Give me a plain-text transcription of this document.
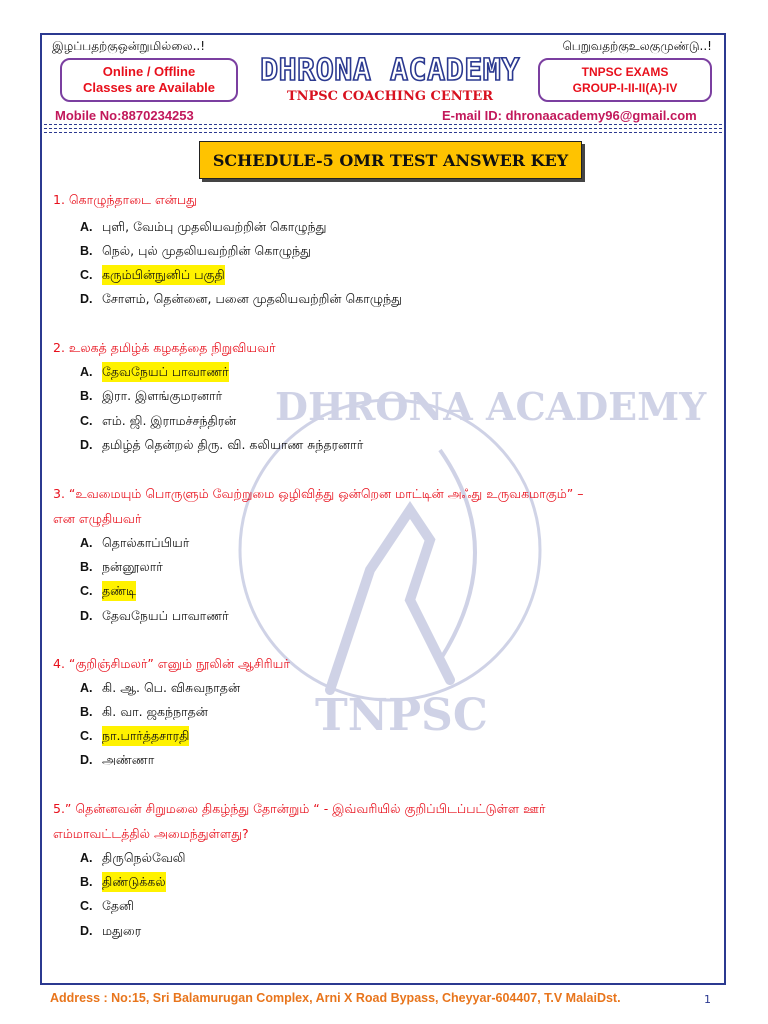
இழப்பதற்குஒன்றுமில்லை..!	பெறுவதற்குஉலகுமுண்டு..!
Online / Offline
Classes are Available	DHRONA ACADEMY
TNPSC COACHING CENTER
TNPSC EXAMS
GROUP-I-II-II(A)-IV
Mobile No:8870234253	E-mail ID: dhronaacademy96@gmail.com
SCHEDULE-5 OMR TEST ANSWER KEY
DHRONA ACADEMY
TNPSC
1. கொழுந்தாடை என்பது
A. புளி, வேம்பு முதலியவற்றின் கொழுந்து
B. நெல், புல் முதலியவற்றின் கொழுந்து
C. கரும்பின்நுனிப் பகுதி
D. சோளம், தென்னை, பனை முதலியவற்றின் கொழுந்து
2. உலகத் தமிழ்க் கழகத்தை நிறுவியவர்
A. தேவநேயப் பாவாணர்
B. இரா. இளங்குமரனார்
C. எம். ஜி. இராமச்சந்திரன்
D. தமிழ்த் தென்றல் திரு. வி. கலியாண சுந்தரனார்
3. “உவமையும் பொருளும் வேற்றுமை ஒழிவித்து ஒன்றென மாட்டின் அஃது உருவகமாகும்” –
என எழுதியவர்
A. தொல்காப்பியர்
B. நன்னூலார்
C. தண்டி
D. தேவநேயப் பாவாணர்
4. “குறிஞ்சிமலர்” எனும் நூலின் ஆசிரியர்
A. கி. ஆ. பெ. விசுவநாதன்
B. கி. வா. ஜகந்நாதன்
C. நா.பார்த்தசாரதி
D. அண்ணா
5.” தென்னவன் சிறுமலை திகழ்ந்து தோன்றும் “ - இவ்வரியில் குறிப்பிடப்பட்டுள்ள ஊர்
எம்மாவட்டத்தில் அமைந்துள்ளது?
A. திருநெல்வேலி
B. திண்டுக்கல்
C. தேனி
D. மதுரை
Address : No:15, Sri Balamurugan Complex, Arni X Road Bypass, Cheyyar-604407, T.V MalaiDst.	1
